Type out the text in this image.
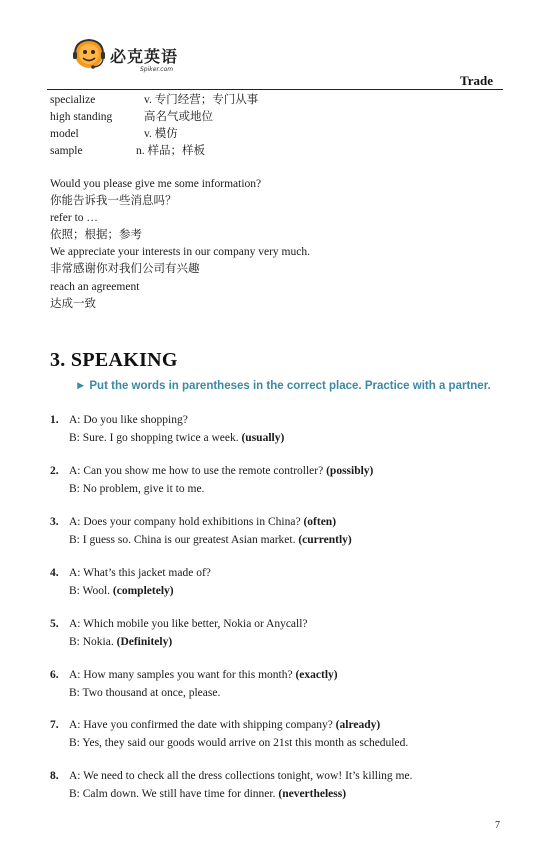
必克英语
Spiker.com
Trade
specialize	v. 专门经营；专门从事
high standing	高名气或地位
model	v. 模仿
sample	n. 样品；样板
Would you please give me some information?
你能告诉我一些消息吗？
refer to …
依照；根据；参考
We appreciate your interests in our company very much.
非常感谢你对我们公司有兴趣
reach an agreement
达成一致
3. SPEAKING
► Put the words in parentheses in the correct place. Practice with a partner.
1. A: Do you like shopping?
B: Sure. I go shopping twice a week. (usually)
2. A: Can you show me how to use the remote controller? (possibly)
B: No problem, give it to me.
3. A: Does your company hold exhibitions in China? (often)
B: I guess so. China is our greatest Asian market. (currently)
4. A: What’s this jacket made of?
B: Wool. (completely)
5. A: Which mobile you like better, Nokia or Anycall?
B: Nokia. (Definitely)
6. A: How many samples you want for this month? (exactly)
B: Two thousand at once, please.
7. A: Have you confirmed the date with shipping company? (already)
B: Yes, they said our goods would arrive on 21st this month as scheduled.
8. A: We need to check all the dress collections tonight, wow! It’s killing me.
B: Calm down. We still have time for dinner. (nevertheless)
7
